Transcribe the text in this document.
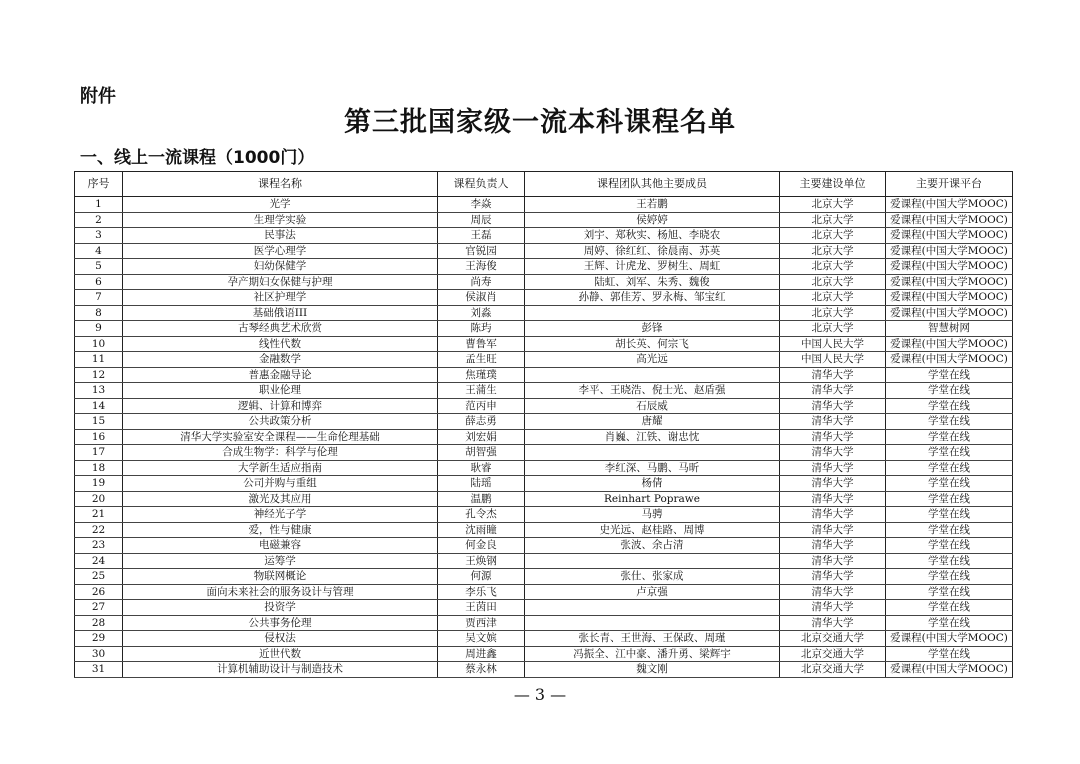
附件
第三批国家级一流本科课程名单
一、线上一流课程（1000门）
序号	课程名称	课程负责人	课程团队其他主要成员	主要建设单位	主要开课平台
1	光学	李焱	王若鹏	北京大学	爱课程(中国大学MOOC)
2	生理学实验	周辰	侯婷婷	北京大学	爱课程(中国大学MOOC)
3	民事法	王磊	刘宇、郑秋实、杨旭、李晓农	北京大学	爱课程(中国大学MOOC)
4	医学心理学	官锐园	周婷、徐红红、徐晨南、苏英	北京大学	爱课程(中国大学MOOC)
5	妇幼保健学	王海俊	王辉、计虎龙、罗树生、周虹	北京大学	爱课程(中国大学MOOC)
6	孕产期妇女保健与护理	尚寿	陆虹、刘军、朱秀、魏俊	北京大学	爱课程(中国大学MOOC)
7	社区护理学	侯淑肖	孙静、郭佳芳、罗永梅、邹宝红	北京大学	爱课程(中国大学MOOC)
8	基础俄语III	刘淼		北京大学	爱课程(中国大学MOOC)
9	古琴经典艺术欣赏	陈玙	彭锋	北京大学	智慧树网
10	线性代数	曹鲁军	胡长英、何宗飞	中国人民大学	爱课程(中国大学MOOC)
11	金融数学	孟生旺	高光远	中国人民大学	爱课程(中国大学MOOC)
12	普惠金融导论	焦瑾璞		清华大学	学堂在线
13	职业伦理	王蒲生	李平、王晓浩、倪士光、赵盾强	清华大学	学堂在线
14	逻辑、计算和博弈	范丙申	石辰威	清华大学	学堂在线
15	公共政策分析	薛志勇	唐耀	清华大学	学堂在线
16	清华大学实验室安全课程——生命伦理基础	刘宏娟	肖巍、江铁、谢忠忱	清华大学	学堂在线
17	合成生物学：科学与伦理	胡智强		清华大学	学堂在线
18	大学新生适应指南	耿睿	李红深、马鹏、马昕	清华大学	学堂在线
19	公司并购与重组	陆瑶	杨倩	清华大学	学堂在线
20	激光及其应用	温鹏	Reinhart Poprawe	清华大学	学堂在线
21	神经光子学	孔令杰	马骋	清华大学	学堂在线
22	爱，性与健康	沈雨瞳	史光远、赵桂路、周博	清华大学	学堂在线
23	电磁兼容	何金良	张波、余占清	清华大学	学堂在线
24	运筹学	王焕钢		清华大学	学堂在线
25	物联网概论	何源	张仕、张家成	清华大学	学堂在线
26	面向未来社会的服务设计与管理	李乐飞	卢京强	清华大学	学堂在线
27	投资学	王茵田		清华大学	学堂在线
28	公共事务伦理	贾西津		清华大学	学堂在线
29	侵权法	吴文嫔	张长青、王世海、王保政、周瑾	北京交通大学	爱课程(中国大学MOOC)
30	近世代数	周进鑫	冯振全、江中豪、潘升勇、梁辉宇	北京交通大学	学堂在线
31	计算机辅助设计与制造技术	蔡永林	魏文刚	北京交通大学	爱课程(中国大学MOOC)
— 3 —
